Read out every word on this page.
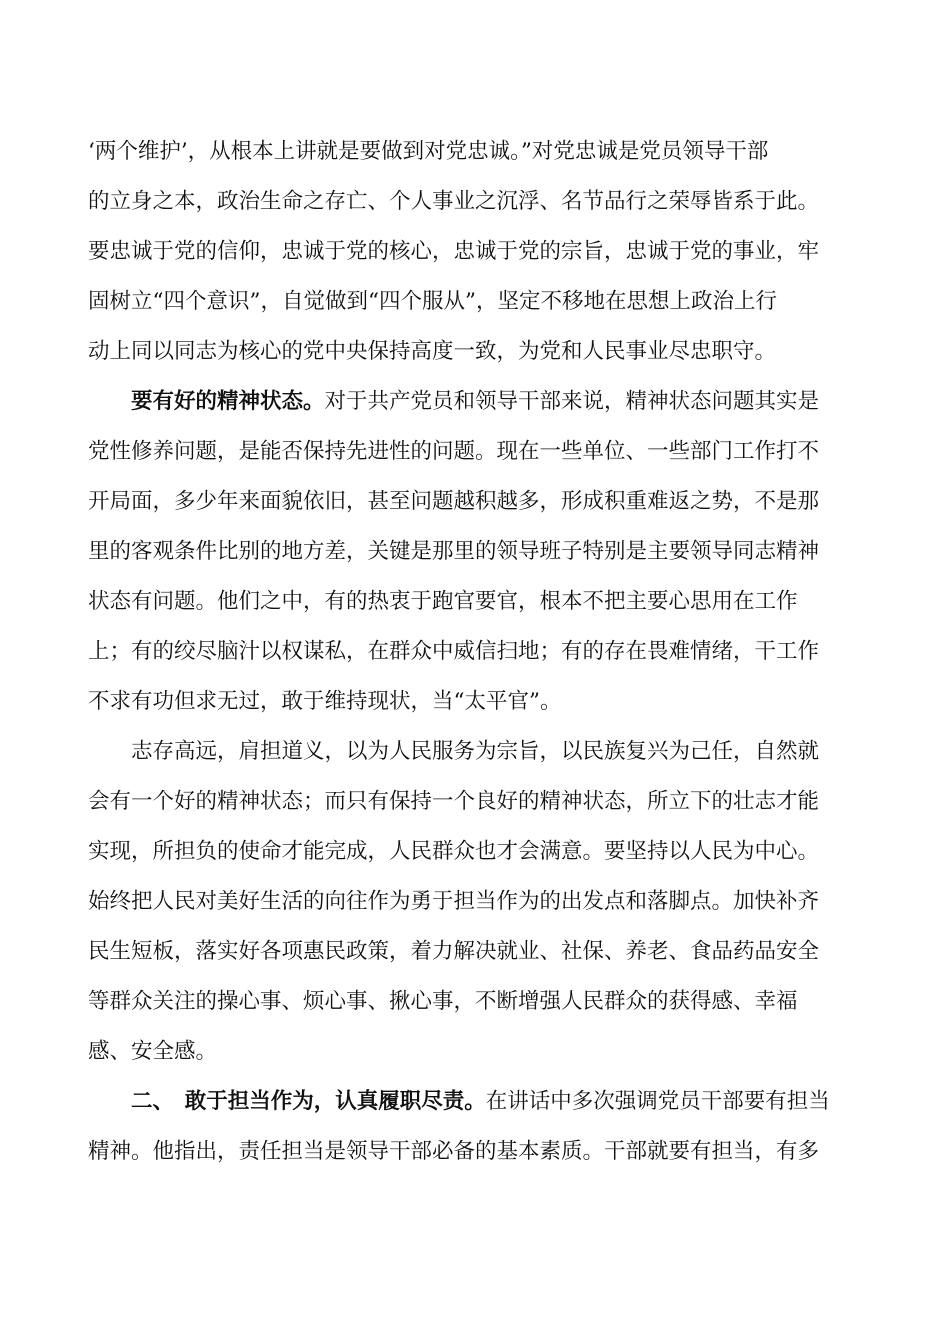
‘两个维护’，从根本上讲就是要做到对党忠诚。”对党忠诚是党员领导干部
的立身之本，政治生命之存亡、个人事业之沉浮、名节品行之荣辱皆系于此。
要忠诚于党的信仰，忠诚于党的核心，忠诚于党的宗旨，忠诚于党的事业，牢
固树立“四个意识”，自觉做到“四个服从”，坚定不移地在思想上政治上行
动上同以同志为核心的党中央保持高度一致，为党和人民事业尽忠职守。
要有好的精神状态。对于共产党员和领导干部来说，精神状态问题其实是
党性修养问题，是能否保持先进性的问题。现在一些单位、一些部门工作打不
开局面，多少年来面貌依旧，甚至问题越积越多，形成积重难返之势，不是那
里的客观条件比别的地方差，关键是那里的领导班子特别是主要领导同志精神
状态有问题。他们之中，有的热衷于跑官要官，根本不把主要心思用在工作
上；有的绞尽脑汁以权谋私，在群众中威信扫地；有的存在畏难情绪，干工作
不求有功但求无过，敢于维持现状，当“太平官”。
志存高远，肩担道义，以为人民服务为宗旨，以民族复兴为己任，自然就
会有一个好的精神状态；而只有保持一个良好的精神状态，所立下的壮志才能
实现，所担负的使命才能完成，人民群众也才会满意。要坚持以人民为中心。
始终把人民对美好生活的向往作为勇于担当作为的出发点和落脚点。加快补齐
民生短板，落实好各项惠民政策，着力解决就业、社保、养老、食品药品安全
等群众关注的操心事、烦心事、揪心事，不断增强人民群众的获得感、幸福
感、安全感。
二、　敢于担当作为，认真履职尽责。在讲话中多次强调党员干部要有担当
精神。他指出，责任担当是领导干部必备的基本素质。干部就要有担当，有多
